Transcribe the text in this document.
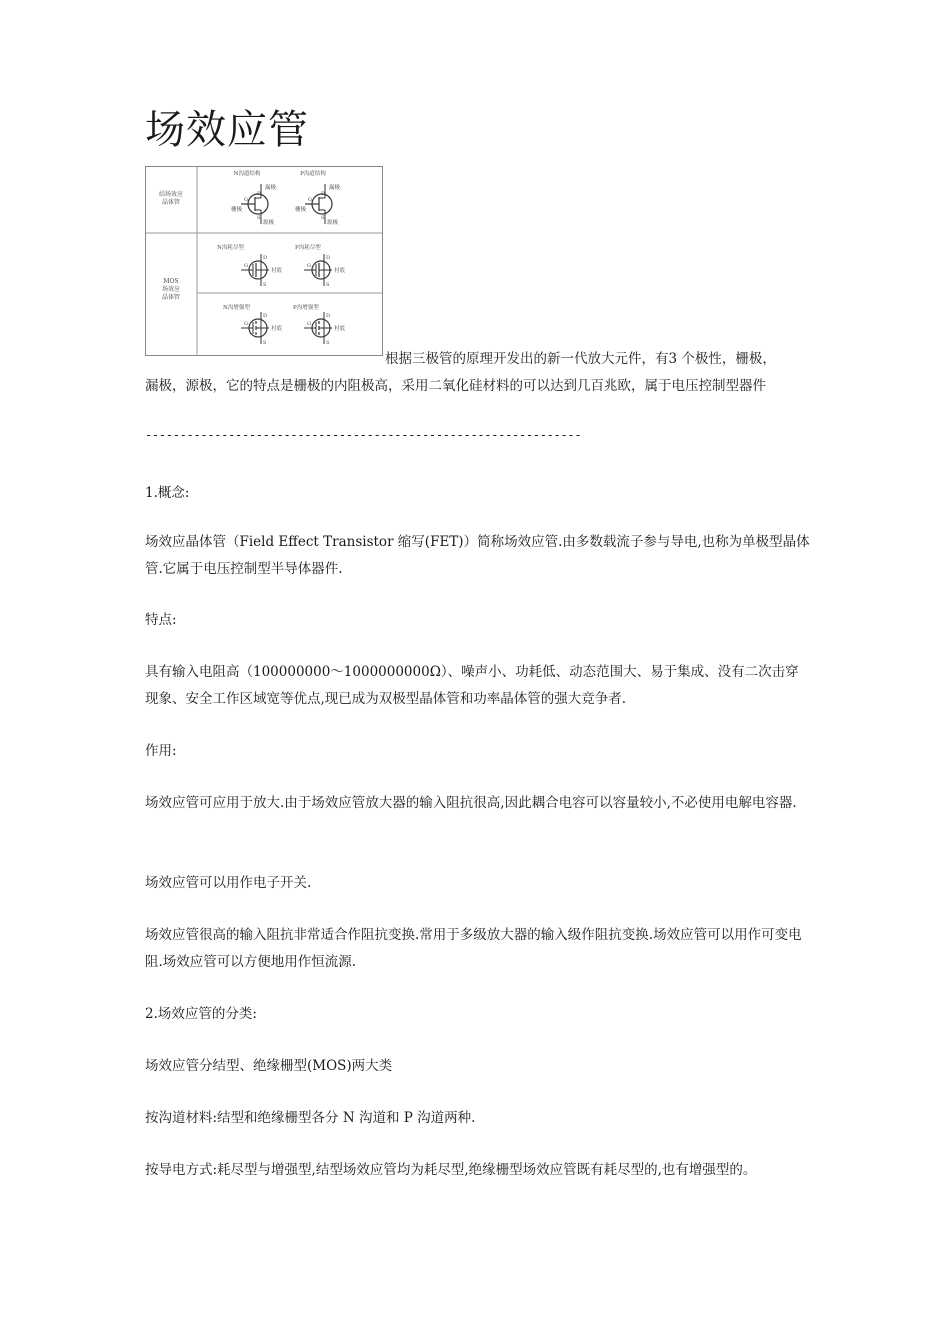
场效应管
结场效应
晶体管
MOS
场效应
晶体管
N沟道结构
漏极
D
G
栅极
S
源极
P沟道结构
漏极
D
G
栅极
S
源极
N沟耗尽型
G
D
S
衬底
P沟耗尽型
G
D
S
衬底
N沟增强型
G
D
S
衬底
P沟增强型
G
D
S
衬底
根据三极管的原理开发出的新一代放大元件，有3 个极性，栅极，
漏极，源极，它的特点是栅极的内阻极高，采用二氧化硅材料的可以达到几百兆欧，属于电压控制型器件
---------------------------------------------------------------

1.概念:

场效应晶体管（Field Effect Transistor 缩写(FET)）简称场效应管.由多数载流子参与导电,也称为单极型晶体管.它属于电压控制型半导体器件.

特点:

具有输入电阻高（100000000～1000000000Ω）、噪声小、功耗低、动态范围大、易于集成、没有二次击穿现象、安全工作区域宽等优点,现已成为双极型晶体管和功率晶体管的强大竞争者.

作用:

场效应管可应用于放大.由于场效应管放大器的输入阻抗很高,因此耦合电容可以容量较小,不必使用电解电容器.

场效应管可以用作电子开关.

场效应管很高的输入阻抗非常适合作阻抗变换.常用于多级放大器的输入级作阻抗变换.场效应管可以用作可变电阻.场效应管可以方便地用作恒流源.

2.场效应管的分类:

场效应管分结型、绝缘栅型(MOS)两大类

按沟道材料:结型和绝缘栅型各分 N 沟道和 P 沟道两种.

按导电方式:耗尽型与增强型,结型场效应管均为耗尽型,绝缘栅型场效应管既有耗尽型的,也有增强型的。
